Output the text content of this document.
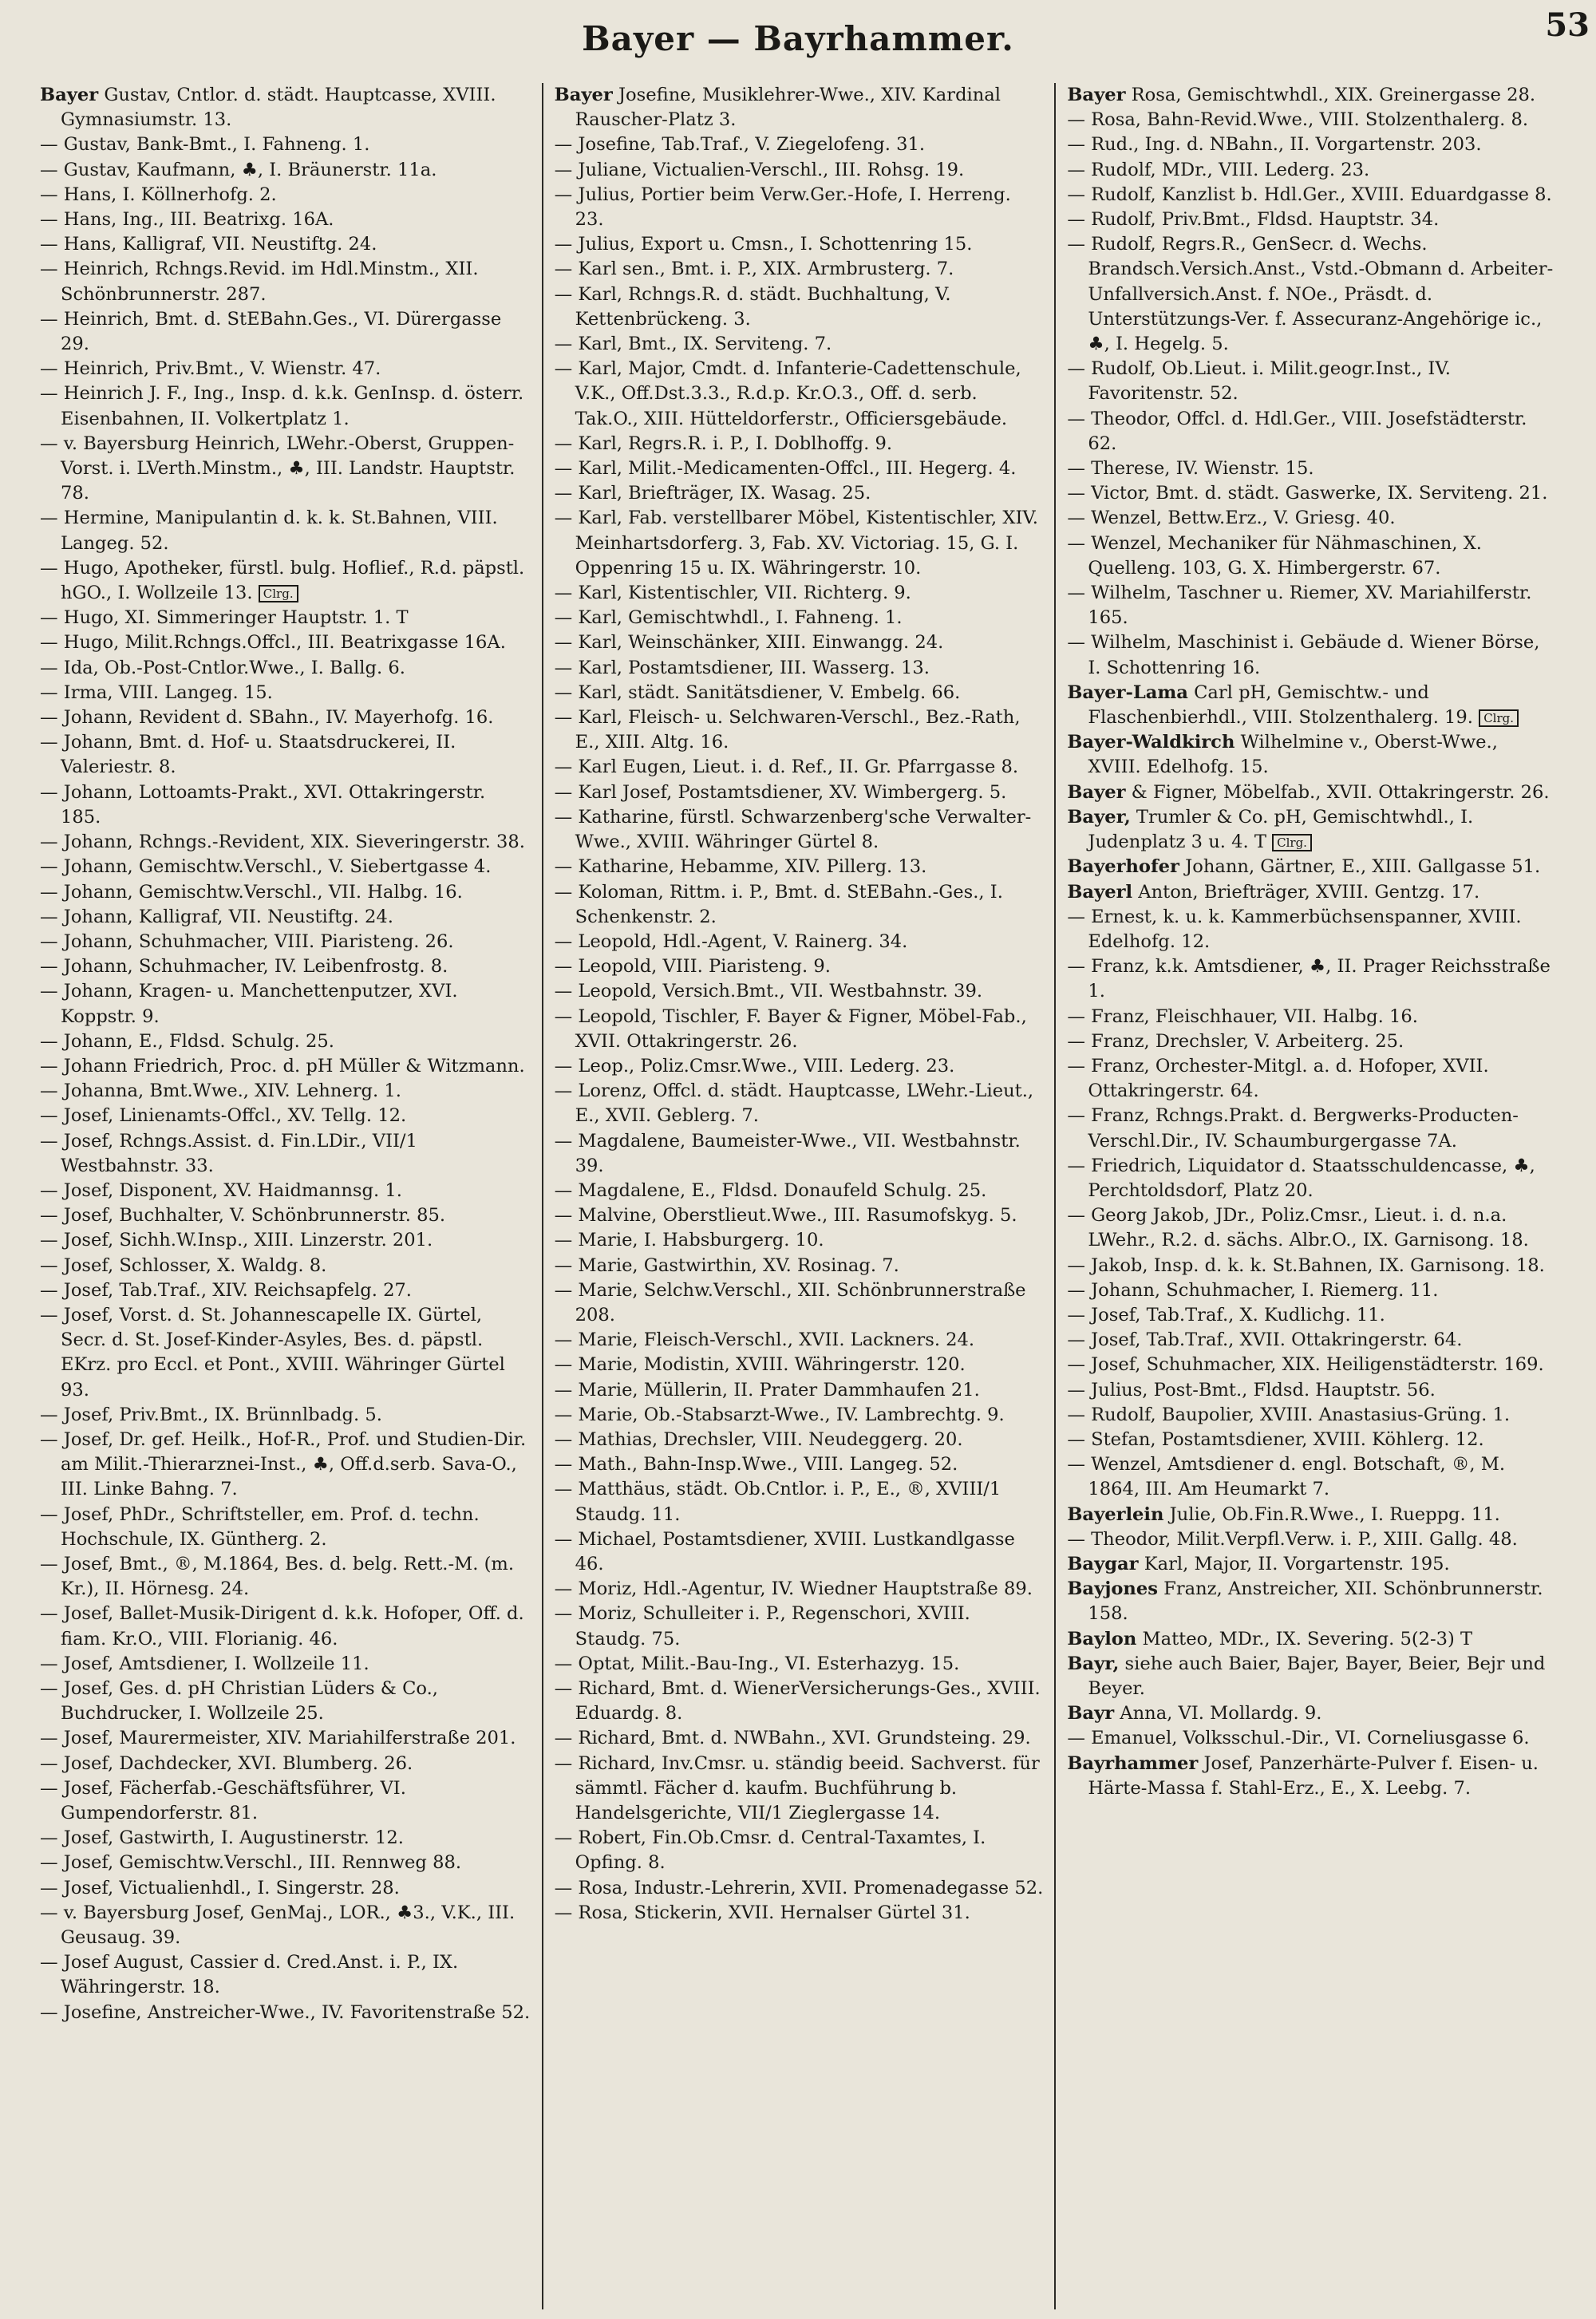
Bayer — Bayrhammer.	53

Bayer Gustav, Cntlor. d. städt. Hauptcasse, XVIII. Gymnasiumstr. 13.

— Gustav, Bank-Bmt., I. Fahneng. 1.

— Gustav, Kaufmann, ♣, I. Bräunerstr. 11a.

— Hans, I. Köllnerhofg. 2.

— Hans, Ing., III. Beatrixg. 16A.

— Hans, Kalligraf, VII. Neustiftg. 24.

— Heinrich, Rchngs.Revid. im Hdl.Minstm., XII. Schönbrunnerstr. 287.

— Heinrich, Bmt. d. StEBahn.Ges., VI. Dürergasse 29.

— Heinrich, Priv.Bmt., V. Wienstr. 47.

— Heinrich J. F., Ing., Insp. d. k.k. GenInsp. d. österr. Eisenbahnen, II. Volkertplatz 1.

— v. Bayersburg Heinrich, LWehr.-Oberst, Gruppen-Vorst. i. LVerth.Minstm., ♣, III. Landstr. Hauptstr. 78.

— Hermine, Manipulantin d. k. k. St.Bahnen, VIII. Langeg. 52.

— Hugo, Apotheker, fürstl. bulg. Hoflief., R.d. päpstl. hGO., I. Wollzeile 13. Clrg.

— Hugo, XI. Simmeringer Hauptstr. 1. T

— Hugo, Milit.Rchngs.Offcl., III. Beatrixgasse 16A.

— Ida, Ob.-Post-Cntlor.Wwe., I. Ballg. 6.

— Irma, VIII. Langeg. 15.

— Johann, Revident d. SBahn., IV. Mayerhofg. 16.

— Johann, Bmt. d. Hof- u. Staatsdruckerei, II. Valeriestr. 8.

— Johann, Lottoamts-Prakt., XVI. Ottakringerstr. 185.

— Johann, Rchngs.-Revident, XIX. Sieveringerstr. 38.

— Johann, Gemischtw.Verschl., V. Siebertgasse 4.

— Johann, Gemischtw.Verschl., VII. Halbg. 16.

— Johann, Kalligraf, VII. Neustiftg. 24.

— Johann, Schuhmacher, VIII. Piaristeng. 26.

— Johann, Schuhmacher, IV. Leibenfrostg. 8.

— Johann, Kragen- u. Manchettenputzer, XVI. Koppstr. 9.

— Johann, E., Fldsd. Schulg. 25.

— Johann Friedrich, Proc. d. pH Müller & Witzmann.

— Johanna, Bmt.Wwe., XIV. Lehnerg. 1.

— Josef, Linienamts-Offcl., XV. Tellg. 12.

— Josef, Rchngs.Assist. d. Fin.LDir., VII/1 Westbahnstr. 33.

— Josef, Disponent, XV. Haidmannsg. 1.

— Josef, Buchhalter, V. Schönbrunnerstr. 85.

— Josef, Sichh.W.Insp., XIII. Linzerstr. 201.

— Josef, Schlosser, X. Waldg. 8.

— Josef, Tab.Traf., XIV. Reichsapfelg. 27.

— Josef, Vorst. d. St. Johannescapelle IX. Gürtel, Secr. d. St. Josef-Kinder-Asyles, Bes. d. päpstl. EKrz. pro Eccl. et Pont., XVIII. Währinger Gürtel 93.

— Josef, Priv.Bmt., IX. Brünnlbadg. 5.

— Josef, Dr. gef. Heilk., Hof-R., Prof. und Studien-Dir. am Milit.-Thierarznei-Inst., ♣, Off.d.serb. Sava-O., III. Linke Bahng. 7.

— Josef, PhDr., Schriftsteller, em. Prof. d. techn. Hochschule, IX. Güntherg. 2.

— Josef, Bmt., ®, M.1864, Bes. d. belg. Rett.-M. (m. Kr.), II. Hörnesg. 24.

— Josef, Ballet-Musik-Dirigent d. k.k. Hofoper, Off. d. fiam. Kr.O., VIII. Florianig. 46.

— Josef, Amtsdiener, I. Wollzeile 11.

— Josef, Ges. d. pH Christian Lüders & Co., Buchdrucker, I. Wollzeile 25.

— Josef, Maurermeister, XIV. Mariahilferstraße 201.

— Josef, Dachdecker, XVI. Blumberg. 26.

— Josef, Fächerfab.-Geschäftsführer, VI. Gumpendorferstr. 81.

— Josef, Gastwirth, I. Augustinerstr. 12.

— Josef, Gemischtw.Verschl., III. Rennweg 88.

— Josef, Victualienhdl., I. Singerstr. 28.

— v. Bayersburg Josef, GenMaj., LOR., ♣3., V.K., III. Geusaug. 39.

— Josef August, Cassier d. Cred.Anst. i. P., IX. Währingerstr. 18.

— Josefine, Anstreicher-Wwe., IV. Favoritenstraße 52.

Bayer Josefine, Musiklehrer-Wwe., XIV. Kardinal Rauscher-Platz 3.

— Josefine, Tab.Traf., V. Ziegelofeng. 31.

— Juliane, Victualien-Verschl., III. Rohsg. 19.

— Julius, Portier beim Verw.Ger.-Hofe, I. Herreng. 23.

— Julius, Export u. Cmsn., I. Schottenring 15.

— Karl sen., Bmt. i. P., XIX. Armbrusterg. 7.

— Karl, Rchngs.R. d. städt. Buchhaltung, V. Kettenbrückeng. 3.

— Karl, Bmt., IX. Serviteng. 7.

— Karl, Major, Cmdt. d. Infanterie-Cadettenschule, V.K., Off.Dst.3.3., R.d.p. Kr.O.3., Off. d. serb. Tak.O., XIII. Hütteldorferstr., Officiersgebäude.

— Karl, Regrs.R. i. P., I. Doblhoffg. 9.

— Karl, Milit.-Medicamenten-Offcl., III. Hegerg. 4.

— Karl, Briefträger, IX. Wasag. 25.

— Karl, Fab. verstellbarer Möbel, Kistentischler, XIV. Meinhartsdorferg. 3, Fab. XV. Victoriag. 15, G. I. Oppenring 15 u. IX. Währingerstr. 10.

— Karl, Kistentischler, VII. Richterg. 9.

— Karl, Gemischtwhdl., I. Fahneng. 1.

— Karl, Weinschänker, XIII. Einwangg. 24.

— Karl, Postamtsdiener, III. Wasserg. 13.

— Karl, städt. Sanitätsdiener, V. Embelg. 66.

— Karl, Fleisch- u. Selchwaren-Verschl., Bez.-Rath, E., XIII. Altg. 16.

— Karl Eugen, Lieut. i. d. Ref., II. Gr. Pfarrgasse 8.

— Karl Josef, Postamtsdiener, XV. Wimbergerg. 5.

— Katharine, fürstl. Schwarzenberg'sche Verwalter-Wwe., XVIII. Währinger Gürtel 8.

— Katharine, Hebamme, XIV. Pillerg. 13.

— Koloman, Rittm. i. P., Bmt. d. StEBahn.-Ges., I. Schenkenstr. 2.

— Leopold, Hdl.-Agent, V. Rainerg. 34.

— Leopold, VIII. Piaristeng. 9.

— Leopold, Versich.Bmt., VII. Westbahnstr. 39.

— Leopold, Tischler, F. Bayer & Figner, Möbel-Fab., XVII. Ottakringerstr. 26.

— Leop., Poliz.Cmsr.Wwe., VIII. Lederg. 23.

— Lorenz, Offcl. d. städt. Hauptcasse, LWehr.-Lieut., E., XVII. Geblerg. 7.

— Magdalene, Baumeister-Wwe., VII. Westbahnstr. 39.

— Magdalene, E., Fldsd. Donaufeld Schulg. 25.

— Malvine, Oberstlieut.Wwe., III. Rasumofskyg. 5.

— Marie, I. Habsburgerg. 10.

— Marie, Gastwirthin, XV. Rosinag. 7.

— Marie, Selchw.Verschl., XII. Schönbrunnerstraße 208.

— Marie, Fleisch-Verschl., XVII. Lackners. 24.

— Marie, Modistin, XVIII. Währingerstr. 120.

— Marie, Müllerin, II. Prater Dammhaufen 21.

— Marie, Ob.-Stabsarzt-Wwe., IV. Lambrechtg. 9.

— Mathias, Drechsler, VIII. Neudeggerg. 20.

— Math., Bahn-Insp.Wwe., VIII. Langeg. 52.

— Matthäus, städt. Ob.Cntlor. i. P., E., ®, XVIII/1 Staudg. 11.

— Michael, Postamtsdiener, XVIII. Lustkandlgasse 46.

— Moriz, Hdl.-Agentur, IV. Wiedner Hauptstraße 89.

— Moriz, Schulleiter i. P., Regenschori, XVIII. Staudg. 75.

— Optat, Milit.-Bau-Ing., VI. Esterhazyg. 15.

— Richard, Bmt. d. WienerVersicherungs-Ges., XVIII. Eduardg. 8.

— Richard, Bmt. d. NWBahn., XVI. Grundsteing. 29.

— Richard, Inv.Cmsr. u. ständig beeid. Sachverst. für sämmtl. Fächer d. kaufm. Buchführung b. Handelsgerichte, VII/1 Zieglergasse 14.

— Robert, Fin.Ob.Cmsr. d. Central-Taxamtes, I. Opfing. 8.

— Rosa, Industr.-Lehrerin, XVII. Promenadegasse 52.

— Rosa, Stickerin, XVII. Hernalser Gürtel 31.

Bayer Rosa, Gemischtwhdl., XIX. Greinergasse 28.

— Rosa, Bahn-Revid.Wwe., VIII. Stolzenthalerg. 8.

— Rud., Ing. d. NBahn., II. Vorgartenstr. 203.

— Rudolf, MDr., VIII. Lederg. 23.

— Rudolf, Kanzlist b. Hdl.Ger., XVIII. Eduardgasse 8.

— Rudolf, Priv.Bmt., Fldsd. Hauptstr. 34.

— Rudolf, Regrs.R., GenSecr. d. Wechs. Brandsch.Versich.Anst., Vstd.-Obmann d. Arbeiter-Unfallversich.Anst. f. NOe., Präsdt. d. Unterstützungs-Ver. f. Assecuranz-Angehörige ic., ♣, I. Hegelg. 5.

— Rudolf, Ob.Lieut. i. Milit.geogr.Inst., IV. Favoritenstr. 52.

— Theodor, Offcl. d. Hdl.Ger., VIII. Josefstädterstr. 62.

— Therese, IV. Wienstr. 15.

— Victor, Bmt. d. städt. Gaswerke, IX. Serviteng. 21.

— Wenzel, Bettw.Erz., V. Griesg. 40.

— Wenzel, Mechaniker für Nähmaschinen, X. Quelleng. 103, G. X. Himbergerstr. 67.

— Wilhelm, Taschner u. Riemer, XV. Mariahilferstr. 165.

— Wilhelm, Maschinist i. Gebäude d. Wiener Börse, I. Schottenring 16.

Bayer-Lama Carl pH, Gemischtw.- und Flaschenbierhdl., VIII. Stolzenthalerg. 19. Clrg.

Bayer-Waldkirch Wilhelmine v., Oberst-Wwe., XVIII. Edelhofg. 15.

Bayer & Figner, Möbelfab., XVII. Ottakringerstr. 26.

Bayer, Trumler & Co. pH, Gemischtwhdl., I. Judenplatz 3 u. 4. T Clrg.

Bayerhofer Johann, Gärtner, E., XIII. Gallgasse 51.

Bayerl Anton, Briefträger, XVIII. Gentzg. 17.

— Ernest, k. u. k. Kammerbüchsenspanner, XVIII. Edelhofg. 12.

— Franz, k.k. Amtsdiener, ♣, II. Prager Reichsstraße 1.

— Franz, Fleischhauer, VII. Halbg. 16.

— Franz, Drechsler, V. Arbeiterg. 25.

— Franz, Orchester-Mitgl. a. d. Hofoper, XVII. Ottakringerstr. 64.

— Franz, Rchngs.Prakt. d. Bergwerks-Producten-Verschl.Dir., IV. Schaumburgergasse 7A.

— Friedrich, Liquidator d. Staatsschuldencasse, ♣, Perchtoldsdorf, Platz 20.

— Georg Jakob, JDr., Poliz.Cmsr., Lieut. i. d. n.a. LWehr., R.2. d. sächs. Albr.O., IX. Garnisong. 18.

— Jakob, Insp. d. k. k. St.Bahnen, IX. Garnisong. 18.

— Johann, Schuhmacher, I. Riemerg. 11.

— Josef, Tab.Traf., X. Kudlichg. 11.

— Josef, Tab.Traf., XVII. Ottakringerstr. 64.

— Josef, Schuhmacher, XIX. Heiligenstädterstr. 169.

— Julius, Post-Bmt., Fldsd. Hauptstr. 56.

— Rudolf, Baupolier, XVIII. Anastasius-Grüng. 1.

— Stefan, Postamtsdiener, XVIII. Köhlerg. 12.

— Wenzel, Amtsdiener d. engl. Botschaft, ®, M. 1864, III. Am Heumarkt 7.

Bayerlein Julie, Ob.Fin.R.Wwe., I. Rueppg. 11.

— Theodor, Milit.Verpfl.Verw. i. P., XIII. Gallg. 48.

Baygar Karl, Major, II. Vorgartenstr. 195.

Bayjones Franz, Anstreicher, XII. Schönbrunnerstr. 158.

Baylon Matteo, MDr., IX. Severing. 5(2-3) T

Bayr, siehe auch Baier, Bajer, Bayer, Beier, Bejr und Beyer.

Bayr Anna, VI. Mollardg. 9.

— Emanuel, Volksschul.-Dir., VI. Corneliusgasse 6.

Bayrhammer Josef, Panzerhärte-Pulver f. Eisen- u. Härte-Massa f. Stahl-Erz., E., X. Leebg. 7.
